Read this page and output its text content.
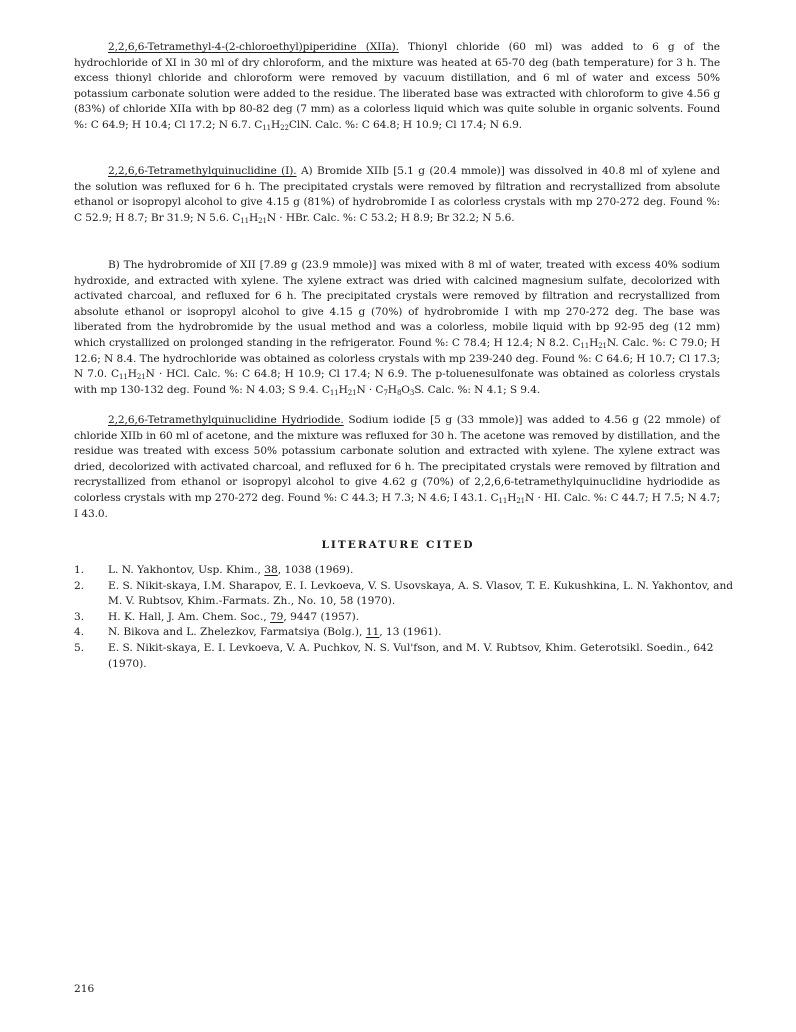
2,2,6,6-Tetramethyl-4-(2-chloroethyl)piperidine (XIIa). Thionyl chloride (60 ml) was added to 6 g of the hydrochloride of XI in 30 ml of dry chloroform, and the mixture was heated at 65-70 deg (bath temperature) for 3 h. The excess thionyl chloride and chloroform were removed by vacuum distillation, and 6 ml of water and excess 50% potassium carbonate solution were added to the residue. The liberated base was extracted with chloroform to give 4.56 g (83%) of chloride XIIa with bp 80-82 deg (7 mm) as a colorless liquid which was quite soluble in organic solvents. Found %: C 64.9; H 10.4; Cl 17.2; N 6.7. $C_{11}H_{22}ClN$. Calc. %: C 64.8; H 10.9; Cl 17.4; N 6.9.

2,2,6,6-Tetramethylquinuclidine (I). A) Bromide XIIb [5.1 g (20.4 mmole)] was dissolved in 40.8 ml of xylene and the solution was refluxed for 6 h. The precipitated crystals were removed by filtration and recrystallized from absolute ethanol or isopropyl alcohol to give 4.15 g (81%) of hydrobromide I as colorless crystals with mp 270-272 deg. Found %: C 52.9; H 8.7; Br 31.9; N 5.6. $C_{11}H_{21}N$ · HBr. Calc. %: C 53.2; H 8.9; Br 32.2; N 5.6.

B) The hydrobromide of XII [7.89 g (23.9 mmole)] was mixed with 8 ml of water, treated with excess 40% sodium hydroxide, and extracted with xylene. The xylene extract was dried with calcined magnesium sulfate, decolorized with activated charcoal, and refluxed for 6 h. The precipitated crystals were removed by filtration and recrystallized from absolute ethanol or isopropyl alcohol to give 4.15 g (70%) of hydrobromide I with mp 270-272 deg. The base was liberated from the hydrobromide by the usual method and was a colorless, mobile liquid with bp 92-95 deg (12 mm) which crystallized on prolonged standing in the refrigerator. Found %: C 78.4; H 12.4; N 8.2. $C_{11}H_{21}N$. Calc. %: C 79.0; H 12.6; N 8.4. The hydrochloride was obtained as colorless crystals with mp 239-240 deg. Found %: C 64.6; H 10.7; Cl 17.3; N 7.0. $C_{11}H_{21}N$ · HCl. Calc. %: C 64.8; H 10.9; Cl 17.4; N 6.9. The p-toluenesulfonate was obtained as colorless crystals with mp 130-132 deg. Found %: N 4.03; S 9.4. $C_{11}H_{21}N \cdot C_7H_8O_3S$. Calc. %: N 4.1; S 9.4.

2,2,6,6-Tetramethylquinuclidine Hydriodide. Sodium iodide [5 g (33 mmole)] was added to 4.56 g (22 mmole) of chloride XIIb in 60 ml of acetone, and the mixture was refluxed for 30 h. The acetone was removed by distillation, and the residue was treated with excess 50% potassium carbonate solution and extracted with xylene. The xylene extract was dried, decolorized with activated charcoal, and refluxed for 6 h. The precipitated crystals were removed by filtration and recrystallized from ethanol or isopropyl alcohol to give 4.62 g (70%) of 2,2,6,6-tetramethylquinuclidine hydriodide as colorless crystals with mp 270-272 deg. Found %: C 44.3; H 7.3; N 4.6; I 43.1. $C_{11}H_{21}N$ · HI. Calc. %: C 44.7; H 7.5; N 4.7; I 43.0.

LITERATURE CITED
1. L. N. Yakhontov, Usp. Khim., 38, 1038 (1969).
2. E. S. Nikit-skaya, I.M. Sharapov, E. I. Levkoeva, V. S. Usovskaya, A. S. Vlasov, T. E. Kukushkina, L. N. Yakhontov, and M. V. Rubtsov, Khim.-Farmats. Zh., No. 10, 58 (1970).
3. H. K. Hall, J. Am. Chem. Soc., 79, 9447 (1957).
4. N. Bikova and L. Zhelezkov, Farmatsiya (Bolg.), 11, 13 (1961).
5. E. S. Nikit-skaya, E. I. Levkoeva, V. A. Puchkov, N. S. Vul'fson, and M. V. Rubtsov, Khim. Geterotsikl. Soedin., 642 (1970).

216
